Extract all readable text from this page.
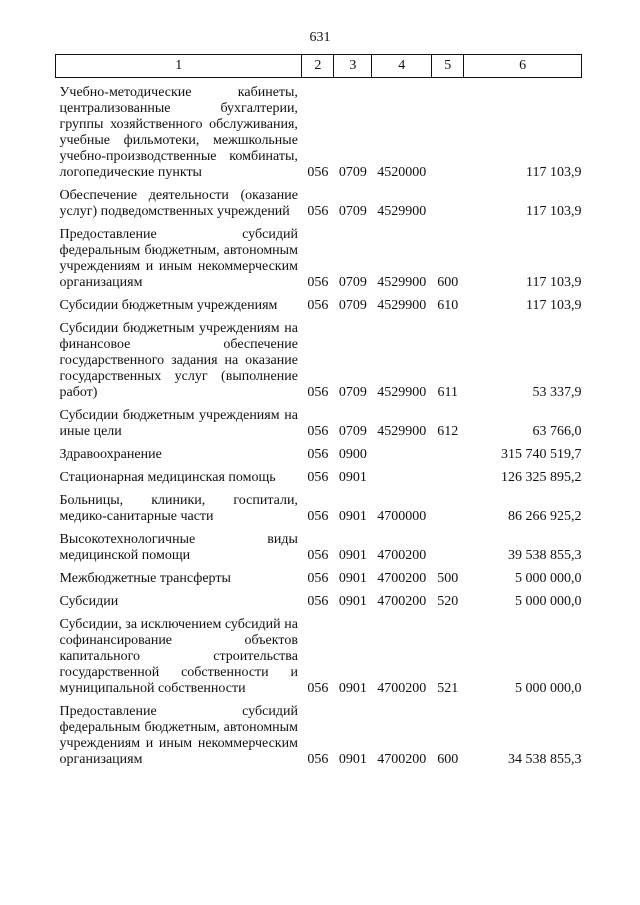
631
1	2	3	4	5	6
Учебно-методические кабинеты, централизованные бухгалтерии, группы хозяйственного обслуживания, учебные фильмотеки, межшкольные учебно-производственные комбинаты, логопедические пункты	056	0709	4520000		117 103,9
Обеспечение деятельности (оказание услуг) подведомственных учреждений	056	0709	4529900		117 103,9
Предоставление субсидий федеральным бюджетным, автономным учреждениям и иным некоммерческим организациям	056	0709	4529900	600	117 103,9
Субсидии бюджетным учреждениям	056	0709	4529900	610	117 103,9
Субсидии бюджетным учреждениям на финансовое обеспечение государственного задания на оказание государственных услуг (выполнение работ)	056	0709	4529900	611	53 337,9
Субсидии бюджетным учреждениям на иные цели	056	0709	4529900	612	63 766,0
Здравоохранение	056	0900			315 740 519,7
Стационарная медицинская помощь	056	0901			126 325 895,2
Больницы, клиники, госпитали, медико-санитарные части	056	0901	4700000		86 266 925,2
Высокотехнологичные виды медицинской помощи	056	0901	4700200		39 538 855,3
Межбюджетные трансферты	056	0901	4700200	500	5 000 000,0
Субсидии	056	0901	4700200	520	5 000 000,0
Субсидии, за исключением субсидий на софинансирование объектов капитального строительства государственной собственности и муниципальной собственности	056	0901	4700200	521	5 000 000,0
Предоставление субсидий федеральным бюджетным, автономным учреждениям и иным некоммерческим организациям	056	0901	4700200	600	34 538 855,3
